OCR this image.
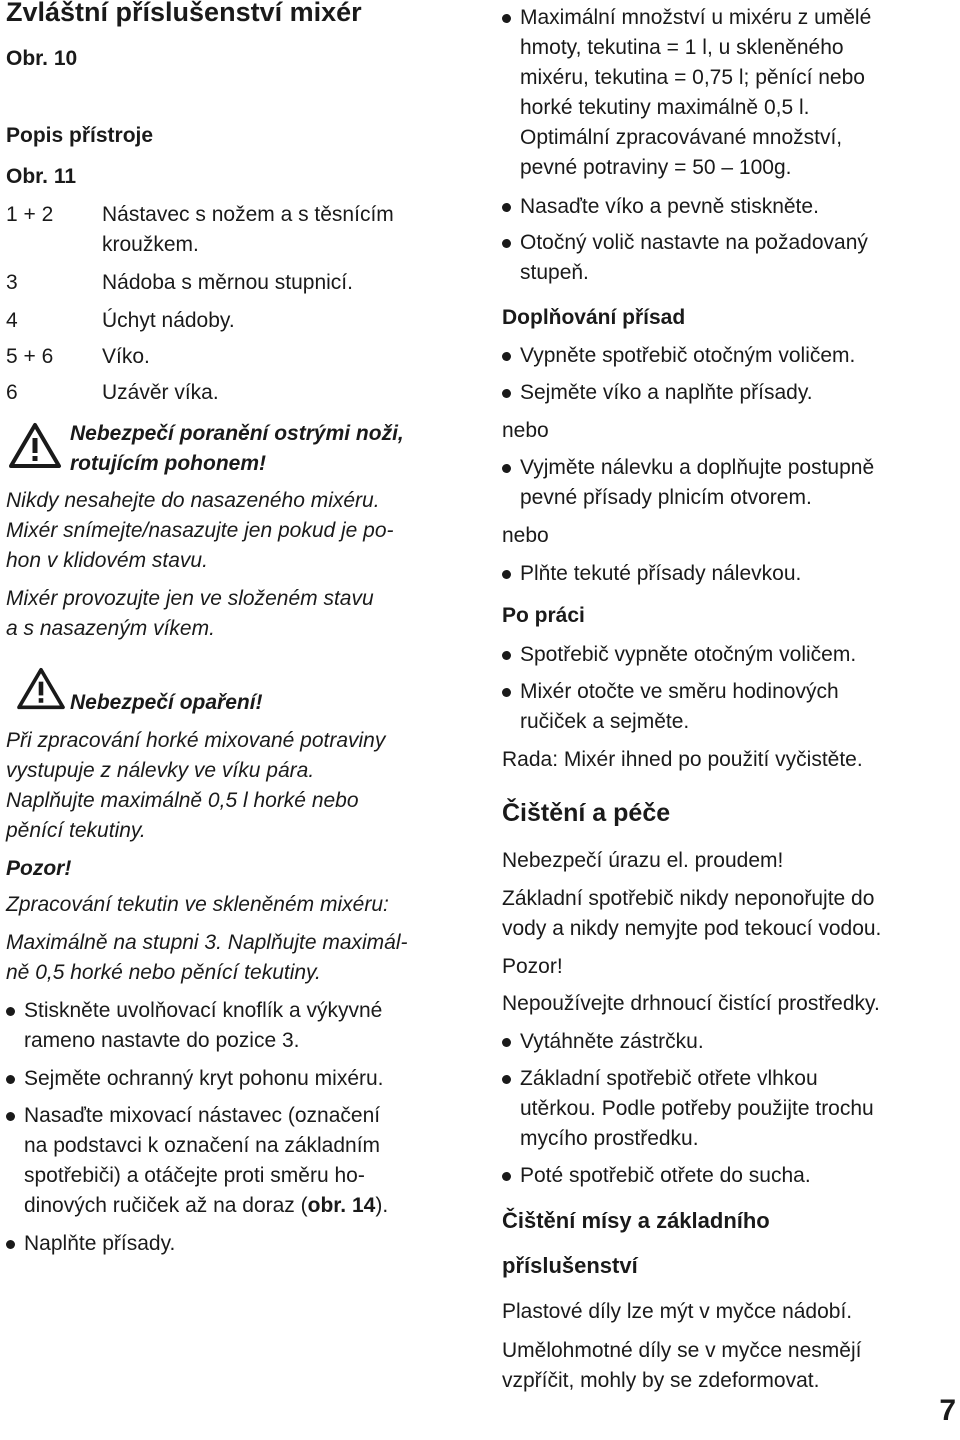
Zvláštní příslušenství mixér
Obr. 10
Popis přístroje
Obr. 11
1 + 2 Nástavec s nožem a s těsnícím
kroužkem.
3	Nádoba s měrnou stupnicí.
4	Úchyt nádoby.
5 + 6 Víko.
6	Uzávěr víka.
Nebezpečí poranění ostrými noži,
rotujícím pohonem!
Nikdy nesahejte do nasazeného mixéru.
Mixér snímejte/nasazujte jen pokud je po-
hon v klidovém stavu.
Mixér provozujte jen ve složeném stavu
a s nasazeným víkem.
Nebezpečí opaření!
Při zpracování horké mixované potraviny
vystupuje z nálevky ve víku pára.
Naplňujte maximálně 0,5 l horké nebo
pěnící tekutiny.
Pozor!
Zpracování tekutin ve skleněném mixéru:
Maximálně na stupni 3. Naplňujte maximál-
ně 0,5 horké nebo pěnící tekutiny.
Stiskněte uvolňovací knoflík a výkyvné
rameno nastavte do pozice 3.
Sejměte ochranný kryt pohonu mixéru.
Nasaďte mixovací nástavec (označení
na podstavci k označení na základním
spotřebiči) a otáčejte proti směru ho-
dinových ručiček až na doraz (obr. 14).
Naplňte přísady.
Maximální množství u mixéru z umělé
hmoty, tekutina = 1 l, u skleněného
mixéru, tekutina = 0,75 l; pěnící nebo
horké tekutiny maximálně 0,5 l.
Optimální zpracovávané množství,
pevné potraviny = 50 – 100g.
Nasaďte víko a pevně stiskněte.
Otočný volič nastavte na požadovaný
stupeň.
Doplňování přísad
Vypněte spotřebič otočným voličem.
Sejměte víko a naplňte přísady.
nebo
Vyjměte nálevku a doplňujte postupně
pevné přísady plnicím otvorem.
nebo
Plňte tekuté přísady nálevkou.
Po práci
Spotřebič vypněte otočným voličem.
Mixér otočte ve směru hodinových
ručiček a sejměte.
Rada: Mixér ihned po použití vyčistěte.
Čištění a péče
Nebezpečí úrazu el. proudem!
Základní spotřebič nikdy neponořujte do
vody a nikdy nemyjte pod tekoucí vodou.
Pozor!
Nepoužívejte drhnoucí čistící prostředky.
Vytáhněte zástrčku.
Základní spotřebič otřete vlhkou
utěrkou. Podle potřeby použijte trochu
mycího prostředku.
Poté spotřebič otřete do sucha.
Čištění mísy a základního
příslušenství
Plastové díly lze mýt v myčce nádobí.
Umělohmotné díly se v myčce nesmějí
vzpříčit, mohly by se zdeformovat.
7
